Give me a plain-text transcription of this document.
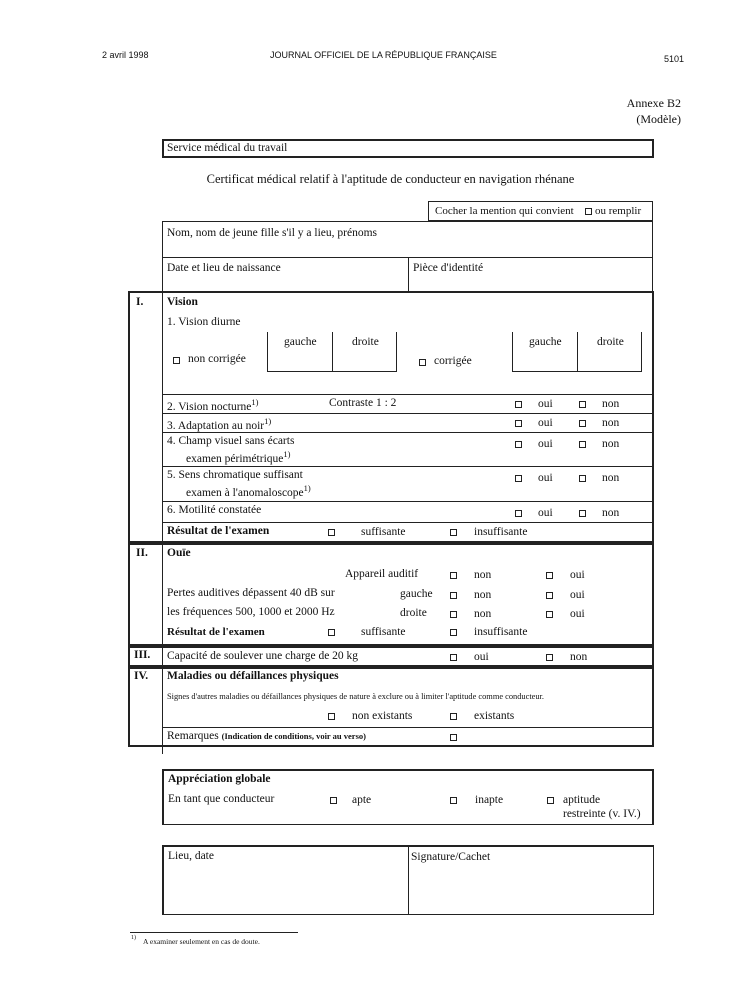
2 avril 1998	JOURNAL OFFICIEL DE LA RÉPUBLIQUE FRANÇAISE	5101
Annexe B2
(Modèle)
Service médical du travail
Certificat médical relatif à l'aptitude de conducteur en navigation rhénane
Cocher la mention qui convient ou remplir
Nom, nom de jeune fille s'il y a lieu, prénoms
Date et lieu de naissance	Pièce d'identité
I. Vision
1. Vision diurne
gauche	droite
non corrigée
gauche	droite
corrigée
2. Vision nocturne$^{1)}$	Contraste 1 : 2	oui	non
3. Adaptation au noir$^{1)}$	oui	non
4. Champ visuel sans écarts
examen périmétrique$^{1)}$
oui	non
5. Sens chromatique suffisant
examen à l'anomaloscope$^{1)}$
oui	non
6. Motilité constatée	oui	non
Résultat de l'examen	suffisante	insuffisante
II. Ouïe
Appareil auditif	non	oui
Pertes auditives dépassent 40 dB sur
les fréquences 500, 1000 et 2000 Hz
gauche	non	oui
droite	non	oui
Résultat de l'examen	suffisante	insuffisante
III. Capacité de soulever une charge de 20 kg	oui	non
IV. Maladies ou défaillances physiques
Signes d'autres maladies ou défaillances physiques de nature à exclure ou à limiter l'aptitude comme conducteur.
non existants	existants
Remarques (Indication de conditions, voir au verso)
Appréciation globale
En tant que conducteur	apte	inapte	aptitude
restreinte (v. IV.)
Lieu, date	Signature/Cachet
1) A examiner seulement en cas de doute.
